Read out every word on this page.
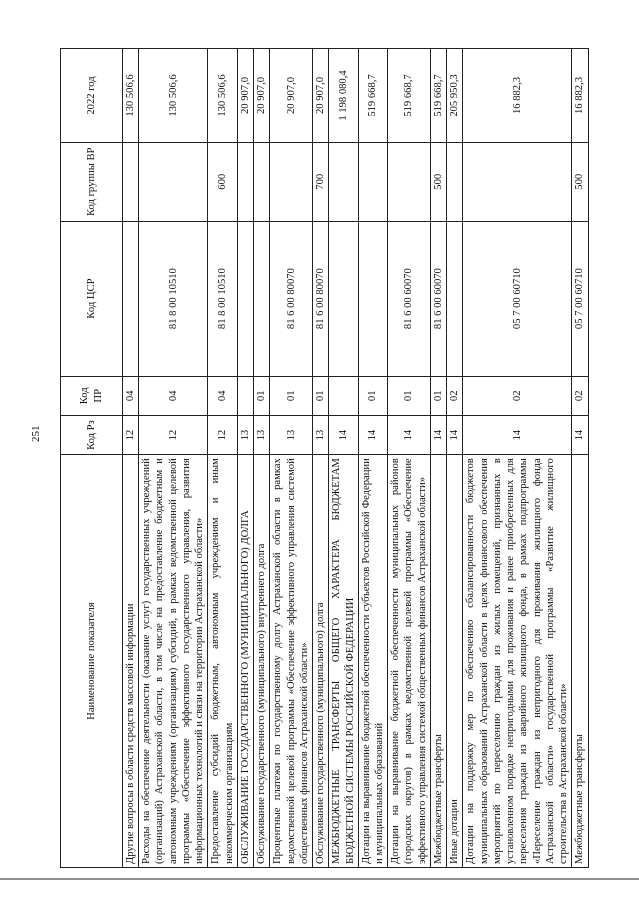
251
Наименование показателя	Код Рз	Код ПР	Код ЦСР	Код группы ВР	2022 год
Другие вопросы в области средств массовой информации	12	04			130 506,6
Расходы на обеспечение деятельности (оказание услуг) государственных учреждений (организаций) Астраханской области, в том числе на предоставление бюджетным и автономным учреждениям (организациям) субсидий, в рамках ведомственной целевой программы «Обеспечение эффективного государственного управления, развития информационных технологий и связи на территории Астраханской области»	12	04	81 8 00 10510		130 506,6
Предоставление субсидий бюджетным, автономным учреждениям и иным некоммерческим организациям	12	04	81 8 00 10510	600	130 506,6
ОБСЛУЖИВАНИЕ ГОСУДАРСТВЕННОГО (МУНИЦИПАЛЬНОГО) ДОЛГА	13				20 907,0
Обслуживание государственного (муниципального) внутреннего долга	13	01			20 907,0
Процентные платежи по государственному долгу Астраханской области в рамках ведомственной целевой программы «Обеспечение эффективного управления системой общественных финансов Астраханской области»	13	01	81 6 00 80070		20 907,0
Обслуживание государственного (муниципального) долга	13	01	81 6 00 80070	700	20 907,0
МЕЖБЮДЖЕТНЫЕ ТРАНСФЕРТЫ ОБЩЕГО ХАРАКТЕРА БЮДЖЕТАМ БЮДЖЕТНОЙ СИСТЕМЫ РОССИЙСКОЙ ФЕДЕРАЦИИ	14				1 198 080,4
Дотации на выравнивание бюджетной обеспеченности субъектов Российской Федерации и муниципальных образований	14	01			519 668,7
Дотации на выравнивание бюджетной обеспеченности муниципальных районов (городских округов) в рамках ведомственной целевой программы «Обеспечение эффективного управления системой общественных финансов Астраханской области»	14	01	81 6 00 60070		519 668,7
Межбюджетные трансферты	14	01	81 6 00 60070	500	519 668,7
Иные дотации	14	02			205 950,3
Дотации на поддержку мер по обеспечению сбалансированности бюджетов муниципальных образований Астраханской области в целях финансового обеспечения мероприятий по переселению граждан из жилых помещений, признанных в установленном порядке непригодными для проживания и ранее приобретенных для переселения граждан из аварийного жилищного фонда, в рамках подпрограммы «Переселение граждан из непригодного для проживания жилищного фонда Астраханской области» государственной программы «Развитие жилищного строительства в Астраханской области»	14	02	05 7 00 60710		16 882,3
Межбюджетные трансферты	14	02	05 7 00 60710	500	16 882,3
